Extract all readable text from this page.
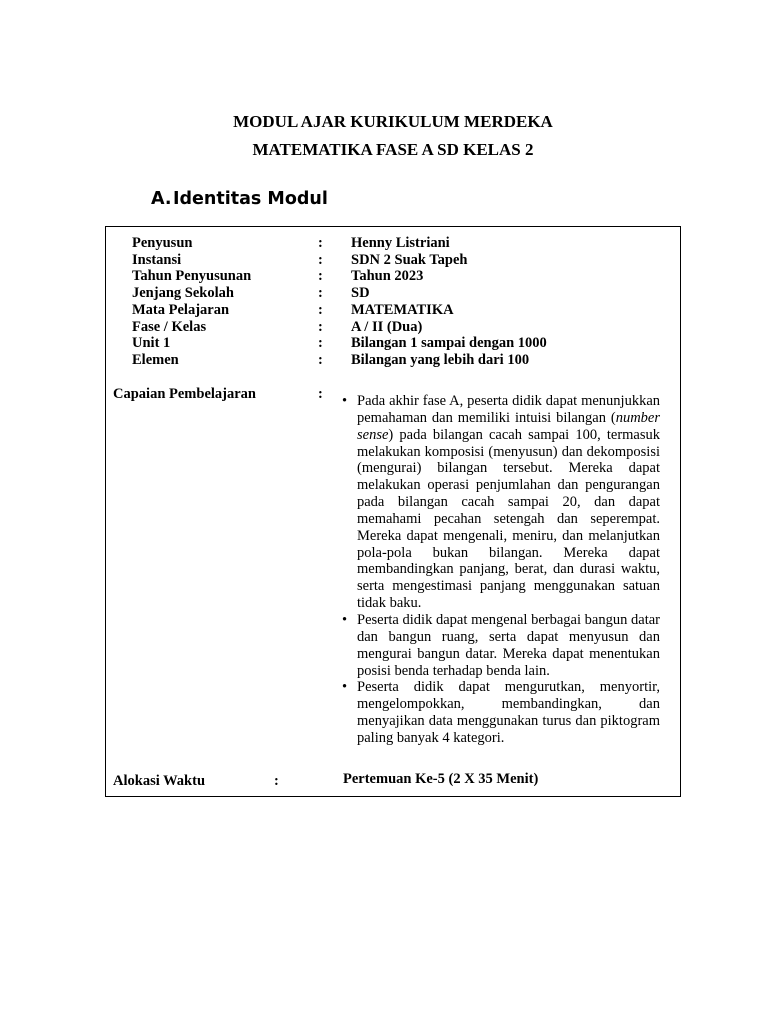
MODUL AJAR KURIKULUM MERDEKA
MATEMATIKA FASE A SD KELAS 2
A.Identitas Modul
Penyusun	: Henny Listriani
Instansi	: SDN 2 Suak Tapeh
Tahun Penyusunan	: Tahun 2023
Jenjang Sekolah	: SD
Mata Pelajaran	: MATEMATIKA
Fase / Kelas	: A / II (Dua)
Unit 1	: Bilangan 1 sampai dengan 1000
Elemen	: Bilangan yang lebih dari 100
Capaian Pembelajaran	: • Pada akhir fase A, peserta didik dapat menunjukkan pemahaman dan memiliki intuisi bilangan (number sense) pada bilangan cacah sampai 100, termasuk melakukan komposisi (menyusun) dan dekomposisi (mengurai) bilangan tersebut. Mereka dapat melakukan operasi penjumlahan dan pengurangan pada bilangan cacah sampai 20, dan dapat memahami pecahan setengah dan seperempat. Mereka dapat mengenali, meniru, dan melanjutkan pola-pola bukan bilangan. Mereka dapat membandingkan panjang, berat, dan durasi waktu, serta mengestimasi panjang menggunakan satuan tidak baku.
• Peserta didik dapat mengenal berbagai bangun datar dan bangun ruang, serta dapat menyusun dan mengurai bangun datar. Mereka dapat menentukan posisi benda terhadap benda lain.
• Peserta didik dapat mengurutkan, menyortir, mengelompokkan, membandingkan, dan menyajikan data menggunakan turus dan piktogram paling banyak 4 kategori.
Alokasi Waktu	:	Pertemuan Ke-5 (2 X 35 Menit)
